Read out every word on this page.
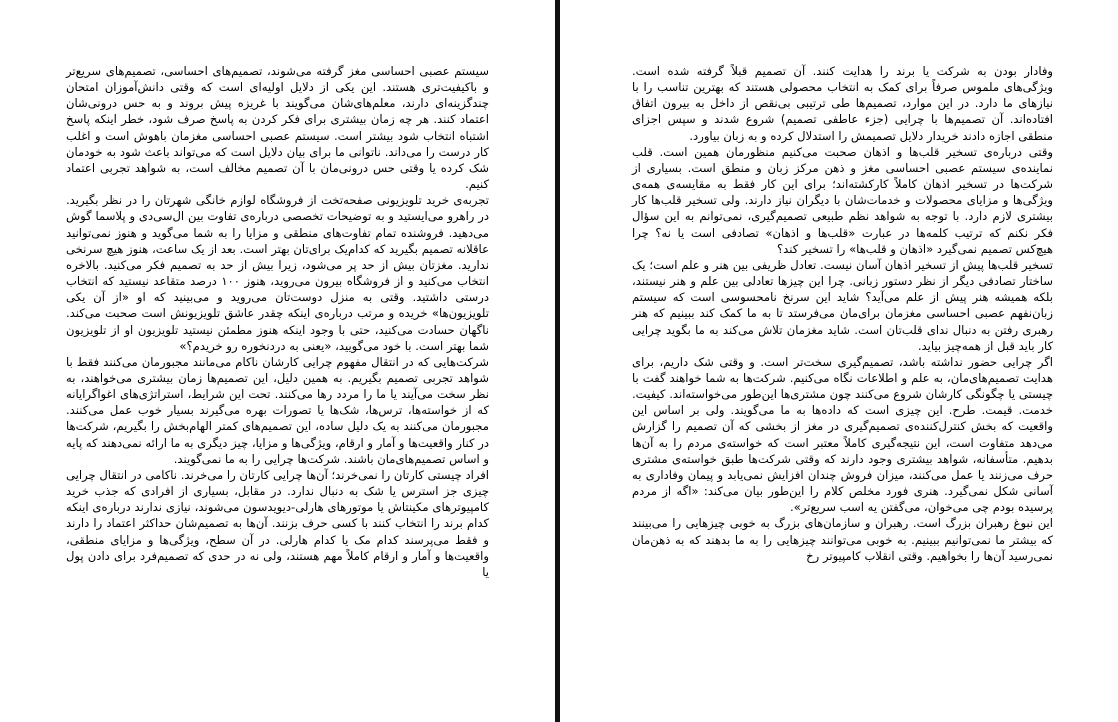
سیستم عصبی احساسی مغز گرفته می‌شوند، تصمیم‌های احساسی، تصمیم‌های سریع‌تر و باکیفیت‌تری هستند. این یکی از دلایل اولیه‌ای است که وقتی دانش‌آموزان امتحان چندگزینه‌ای دارند، معلم‌های‌شان می‌گویند با غریزه پیش بروند و به حس درونی‌شان اعتماد کنند. هر چه زمان بیشتری برای فکر کردن به پاسخ صرف شود، خطر اینکه پاسخ اشتباه انتخاب شود بیشتر است. سیستم عصبی احساسی مغزمان باهوش است و اغلب کار درست را می‌داند. ناتوانی ما برای بیان دلایل است که می‌تواند باعث شود به خودمان شک کرده یا وقتی حس درونی‌مان با آن تصمیم مخالف است، به شواهد تجربی اعتماد کنیم.

تجربه‌ی خرید تلویزیونی صفحه‌تخت از فروشگاه لوازم خانگی شهرتان را در نظر بگیرید. در راهرو می‌ایستید و به توضیحات تخصصی درباره‌ی تفاوت بین ال‌سی‌دی و پلاسما گوش می‌دهید. فروشنده تمام تفاوت‌های منطقی و مزایا را به شما می‌گوید و هنوز نمی‌توانید عاقلانه تصمیم بگیرید که کدام‌یک برای‌تان بهتر است. بعد از یک ساعت، هنوز هیچ سرنخی ندارید. مغزتان بیش از حد پر می‌شود، زیرا بیش از حد به تصمیم فکر می‌کنید. بالاخره انتخاب می‌کنید و از فروشگاه بیرون می‌روید، هنوز ۱۰۰ درصد متقاعد نیستید که انتخاب درستی داشتید. وقتی به منزل دوست‌تان می‌روید و می‌بینید که او «از آن یکی تلویزیون‌ها» خریده و مرتب درباره‌ی اینکه چقدر عاشق تلویزیونش است صحبت می‌کند. ناگهان حسادت می‌کنید، حتی با وجود اینکه هنوز مطمئن نیستید تلویزیون او از تلویزیون شما بهتر است. با خود می‌گویید، «یعنی به دردنخوره رو خریدم؟»

شرکت‌هایی که در انتقال مفهوم چرایی کارشان ناکام می‌مانند مجبورمان می‌کنند فقط با شواهد تجربی تصمیم بگیریم. به همین دلیل، این تصمیم‌ها زمان بیشتری می‌خواهند، به نظر سخت می‌آیند یا ما را مردد رها می‌کنند. تحت این شرایط، استراتژی‌های اغواگرایانه که از خواسته‌ها، ترس‌ها، شک‌ها یا تصورات بهره می‌گیرند بسیار خوب عمل می‌کنند. مجبورمان می‌کنند به یک دلیل ساده، این تصمیم‌های کمتر الهام‌بخش را بگیریم، شرکت‌ها در کنار واقعیت‌ها و آمار و ارقام، ویژگی‌ها و مزایا، چیز دیگری به ما ارائه نمی‌دهند که پایه و اساس تصمیم‌های‌مان باشند. شرکت‌ها چرایی را به ما نمی‌گویند.

افراد چیستی کارتان را نمی‌خرند؛ آن‌ها چرایی کارتان را می‌خرند. ناکامی در انتقال چرایی چیزی جز استرس یا شک به دنبال ندارد. در مقابل، بسیاری از افرادی که جذب خرید کامپیوترهای مکینتاش یا موتورهای هارلی-دیویدسون می‌شوند، نیازی ندارند درباره‌ی اینکه کدام برند را انتخاب کنند با کسی حرف بزنند. آن‌ها به تصمیم‌شان حداکثر اعتماد را دارند و فقط می‌پرسند کدام مک یا کدام هارلی. در آن سطح، ویژگی‌ها و مزایای منطقی، واقعیت‌ها و آمار و ارقام کاملاً مهم هستند، ولی نه در حدی که تصمیم‌فرد برای دادن پول یا

وفادار بودن به شرکت یا برند را هدایت کنند. آن تصمیم قبلاً گرفته شده است. ویژگی‌های ملموس صرفاً برای کمک به انتخاب محصولی هستند که بهترین تناسب را با نیازهای ما دارد. در این موارد، تصمیم‌ها طی ترتیبی بی‌نقص از داخل به بیرون اتفاق افتاده‌اند. آن تصمیم‌ها با چرایی (جزء عاطفی تصمیم) شروع شدند و سپس اجزای منطقی اجازه دادند خریدار دلایل تصمیمش را استدلال کرده و به زبان بیاورد.

وقتی درباره‌ی تسخیر قلب‌ها و اذهان صحبت می‌کنیم منظورمان همین است. قلب نماینده‌ی سیستم عصبی احساسی مغز و ذهن مرکز زبان و منطق است. بسیاری از شرکت‌ها در تسخیر اذهان کاملاً کارکشته‌اند؛ برای این کار فقط به مقایسه‌ی همه‌ی ویژگی‌ها و مزایای محصولات و خدمات‌شان با دیگران نیاز دارند. ولی تسخیر قلب‌ها کار بیشتری لازم دارد. با توجه به شواهد نظم طبیعی تصمیم‌گیری، نمی‌توانم به این سؤال فکر نکنم که ترتیب کلمه‌ها در عبارت «قلب‌ها و اذهان» تصادفی است یا نه؟ چرا هیچ‌کس تصمیم نمی‌گیرد «اذهان و قلب‌ها» را تسخیر کند؟

تسخیر قلب‌ها پیش از تسخیر اذهان آسان نیست. تعادل ظریفی بین هنر و علم است؛ یک ساختار تصادفی دیگر از نظر دستور زبانی. چرا این چیزها تعادلی بین علم و هنر نیستند، بلکه همیشه هنر پیش از علم می‌آید؟ شاید این سرنخ نامحسوسی است که سیستم زبان‌نفهم عصبی احساسی مغزمان برای‌مان می‌فرستد تا به ما کمک کند ببینیم که هنر رهبری رفتن به دنبال ندای قلب‌تان است. شاید مغزمان تلاش می‌کند به ما بگوید چرایی کار باید قبل از همه‌چیز بیاید.

اگر چرایی حضور نداشته باشد، تصمیم‌گیری سخت‌تر است. و وقتی شک داریم، برای هدایت تصمیم‌های‌مان، به علم و اطلاعات نگاه می‌کنیم. شرکت‌ها به شما خواهند گفت با چیستی یا چگونگی کارشان شروع می‌کنند چون مشتری‌ها این‌طور می‌خواسته‌اند. کیفیت. خدمت. قیمت. طرح. این چیزی است که داده‌ها به ما می‌گویند. ولی بر اساس این واقعیت که بخش کنترل‌کننده‌ی تصمیم‌گیری در مغز از بخشی که آن تصمیم را گزارش می‌دهد متفاوت است، این نتیجه‌گیری کاملاً معتبر است که خواسته‌ی مردم را به آن‌ها بدهیم. متأسفانه، شواهد بیشتری وجود دارند که وقتی شرکت‌ها طبق خواسته‌ی مشتری حرف می‌زنند یا عمل می‌کنند، میزان فروش چندان افزایش نمی‌یابد و پیمان وفاداری به آسانی شکل نمی‌گیرد. هنری فورد مخلص کلام را این‌طور بیان می‌کند: «اگه از مردم پرسیده بودم چی می‌خوان، می‌گفتن یه اسب سریع‌تر».

این نبوغ رهبران بزرگ است. رهبران و سازمان‌های بزرگ به خوبی چیزهایی را می‌بینند که بیشتر ما نمی‌توانیم ببینیم. به خوبی می‌توانند چیزهایی را به ما بدهند که به ذهن‌مان نمی‌رسید آن‌ها را بخواهیم. وقتی انقلاب کامپیوتر رخ
